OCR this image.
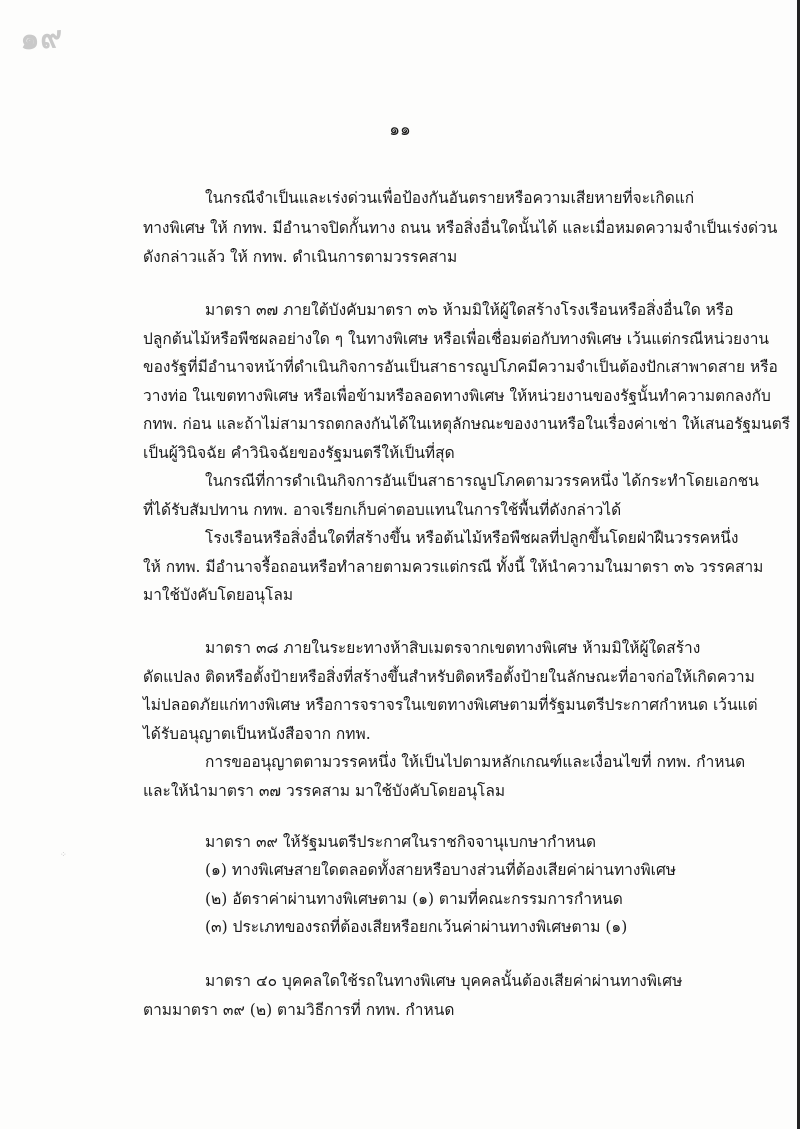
๑๙
๑๑
ในกรณีจำเป็นและเร่งด่วนเพื่อป้องกันอันตรายหรือความเสียหายที่จะเกิดแก่
ทางพิเศษ ให้ กทพ. มีอำนาจปิดกั้นทาง ถนน หรือสิ่งอื่นใดนั้นได้ และเมื่อหมดความจำเป็นเร่งด่วน
ดังกล่าวแล้ว ให้ กทพ. ดำเนินการตามวรรคสาม
มาตรา ๓๗ ภายใต้บังคับมาตรา ๓๖ ห้ามมิให้ผู้ใดสร้างโรงเรือนหรือสิ่งอื่นใด หรือ
ปลูกต้นไม้หรือพืชผลอย่างใด ๆ ในทางพิเศษ หรือเพื่อเชื่อมต่อกับทางพิเศษ เว้นแต่กรณีหน่วยงาน
ของรัฐที่มีอำนาจหน้าที่ดำเนินกิจการอันเป็นสาธารณูปโภคมีความจำเป็นต้องปักเสาพาดสาย หรือ
วางท่อ ในเขตทางพิเศษ หรือเพื่อข้ามหรือลอดทางพิเศษ ให้หน่วยงานของรัฐนั้นทำความตกลงกับ
กทพ. ก่อน และถ้าไม่สามารถตกลงกันได้ในเหตุลักษณะของงานหรือในเรื่องค่าเช่า ให้เสนอรัฐมนตรี
เป็นผู้วินิจฉัย คำวินิจฉัยของรัฐมนตรีให้เป็นที่สุด
ในกรณีที่การดำเนินกิจการอันเป็นสาธารณูปโภคตามวรรคหนึ่ง ได้กระทำโดยเอกชน
ที่ได้รับสัมปทาน กทพ. อาจเรียกเก็บค่าตอบแทนในการใช้พื้นที่ดังกล่าวได้
โรงเรือนหรือสิ่งอื่นใดที่สร้างขึ้น หรือต้นไม้หรือพืชผลที่ปลูกขึ้นโดยฝ่าฝืนวรรคหนึ่ง
ให้ กทพ. มีอำนาจรื้อถอนหรือทำลายตามควรแต่กรณี ทั้งนี้ ให้นำความในมาตรา ๓๖ วรรคสาม
มาใช้บังคับโดยอนุโลม
มาตรา ๓๘ ภายในระยะทางห้าสิบเมตรจากเขตทางพิเศษ ห้ามมิให้ผู้ใดสร้าง
ดัดแปลง ติดหรือตั้งป้ายหรือสิ่งที่สร้างขึ้นสำหรับติดหรือตั้งป้ายในลักษณะที่อาจก่อให้เกิดความ
ไม่ปลอดภัยแก่ทางพิเศษ หรือการจราจรในเขตทางพิเศษตามที่รัฐมนตรีประกาศกำหนด เว้นแต่
ได้รับอนุญาตเป็นหนังสือจาก กทพ.
การขออนุญาตตามวรรคหนึ่ง ให้เป็นไปตามหลักเกณฑ์และเงื่อนไขที่ กทพ. กำหนด
และให้นำมาตรา ๓๗ วรรคสาม มาใช้บังคับโดยอนุโลม
มาตรา ๓๙ ให้รัฐมนตรีประกาศในราชกิจจานุเบกษากำหนด
(๑) ทางพิเศษสายใดตลอดทั้งสายหรือบางส่วนที่ต้องเสียค่าผ่านทางพิเศษ
(๒) อัตราค่าผ่านทางพิเศษตาม (๑) ตามที่คณะกรรมการกำหนด
(๓) ประเภทของรถที่ต้องเสียหรือยกเว้นค่าผ่านทางพิเศษตาม (๑)
มาตรา ๔๐ บุคคลใดใช้รถในทางพิเศษ บุคคลนั้นต้องเสียค่าผ่านทางพิเศษ
ตามมาตรา ๓๙ (๒) ตามวิธีการที่ กทพ. กำหนด
⁘
